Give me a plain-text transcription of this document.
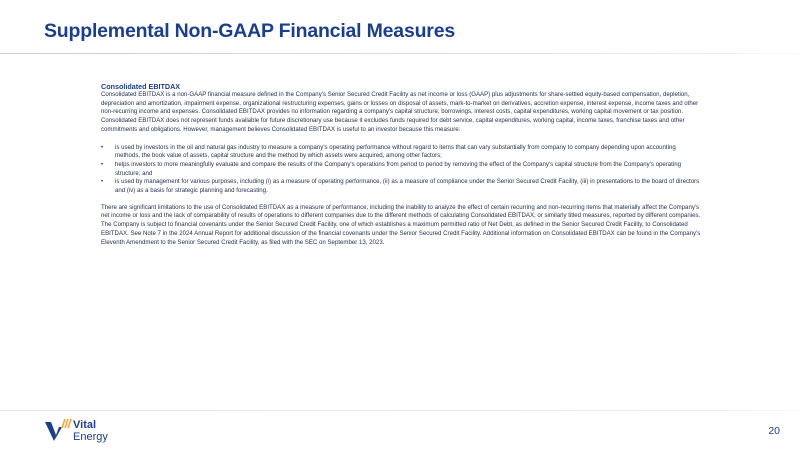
Supplemental Non-GAAP Financial Measures
Consolidated EBITDAX

Consolidated EBITDAX is a non-GAAP financial measure defined in the Company's Senior Secured Credit Facility as net income or loss (GAAP) plus adjustments for share-settled equity-based compensation, depletion, depreciation and amortization, impairment expense, organizational restructuring expenses, gains or losses on disposal of assets, mark-to-market on derivatives, accretion expense, interest expense, income taxes and other non-recurring income and expenses. Consolidated EBITDAX provides no information regarding a company's capital structure, borrowings, interest costs, capital expenditures, working capital movement or tax position. Consolidated EBITDAX does not represent funds available for future discretionary use because it excludes funds required for debt service, capital expenditures, working capital, income taxes, franchise taxes and other commitments and obligations. However, management believes Consolidated EBITDAX is useful to an investor because this measure:

• is used by investors in the oil and natural gas industry to measure a company's operating performance without regard to items that can vary substantially from company to company depending upon accounting methods, the book value of assets, capital structure and the method by which assets were acquired, among other factors;
• helps investors to more meaningfully evaluate and compare the results of the Company's operations from period to period by removing the effect of the Company's capital structure from the Company's operating structure; and
• is used by management for various purposes, including (i) as a measure of operating performance, (ii) as a measure of compliance under the Senior Secured Credit Facility, (iii) in presentations to the board of directors and (iv) as a basis for strategic planning and forecasting.

There are significant limitations to the use of Consolidated EBITDAX as a measure of performance, including the inability to analyze the effect of certain recurring and non-recurring items that materially affect the Company's net income or loss and the lack of comparability of results of operations to different companies due to the different methods of calculating Consolidated EBITDAX, or similarly titled measures, reported by different companies. The Company is subject to financial covenants under the Senior Secured Credit Facility, one of which establishes a maximum permitted ratio of Net Debt, as defined in the Senior Secured Credit Facility, to Consolidated EBITDAX. See Note 7 in the 2024 Annual Report for additional discussion of the financial covenants under the Senior Secured Credit Facility. Additional information on Consolidated EBITDAX can be found in the Company's Eleventh Amendment to the Senior Secured Credit Facility, as filed with the SEC on September 13, 2023.

Vital
Energy	20
